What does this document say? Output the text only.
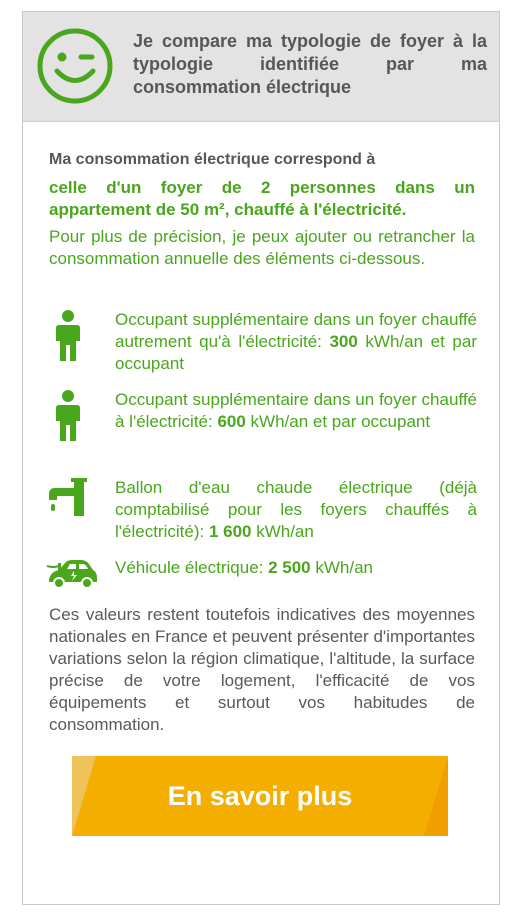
Je compare ma typologie de foyer à la typologie identifiée par ma consommation électrique

Ma consommation électrique correspond à

celle d'un foyer de 2 personnes dans un appartement de 50 m², chauffé à l'électricité.

Pour plus de précision, je peux ajouter ou retrancher la consommation annuelle des éléments ci-dessous.

Occupant supplémentaire dans un foyer chauffé autrement qu'à l'électricité: 300 kWh/an et par occupant
Occupant supplémentaire dans un foyer chauffé à l'électricité: 600 kWh/an et par occupant
Ballon d'eau chaude électrique (déjà comptabilisé pour les foyers chauffés à l'électricité): 1 600 kWh/an
Véhicule électrique: 2 500 kWh/an
Ces valeurs restent toutefois indicatives des moyennes nationales en France et peuvent présenter d'importantes variations selon la région climatique, l'altitude, la surface précise de votre logement, l'efficacité de vos équipements et surtout vos habitudes de consommation.
En savoir plus
